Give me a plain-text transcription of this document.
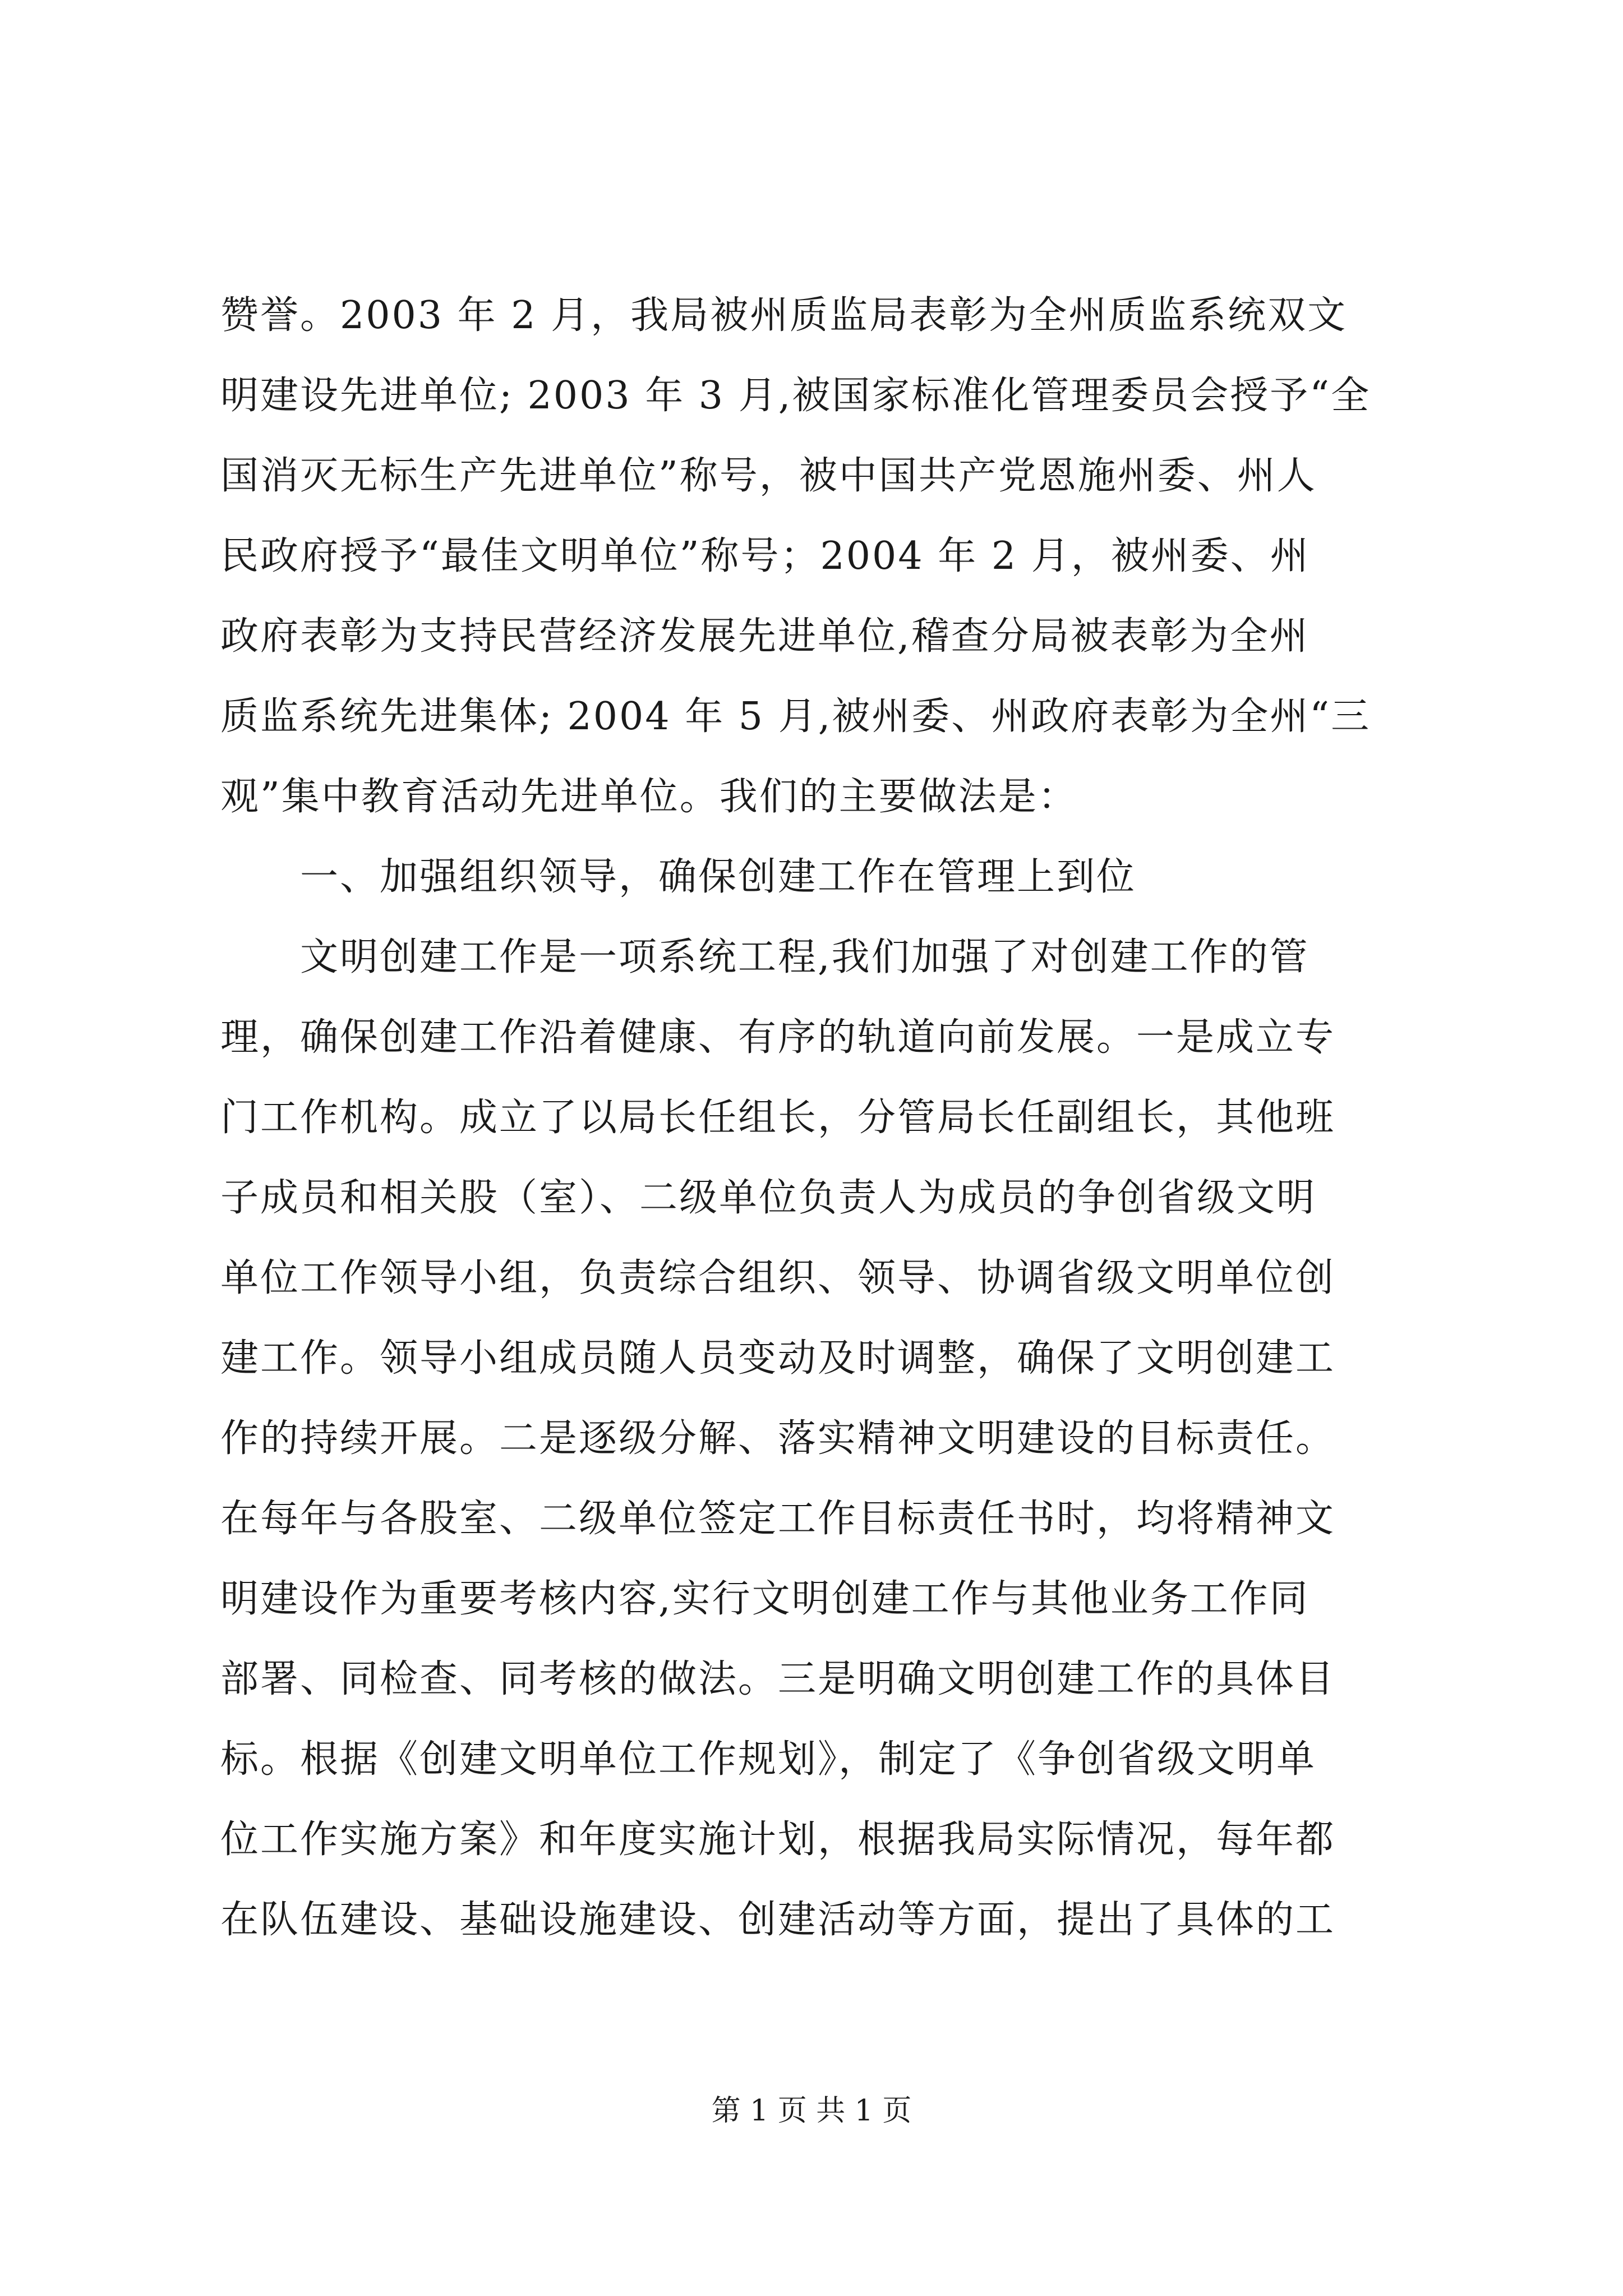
赞誉。2003 年 2 月，我局被州质监局表彰为全州质监系统双文
明建设先进单位; 2003 年 3 月,被国家标准化管理委员会授予“全
国消灭无标生产先进单位”称号，被中国共产党恩施州委、州人
民政府授予“最佳文明单位”称号；2004 年 2 月，被州委、州
政府表彰为支持民营经济发展先进单位,稽查分局被表彰为全州
质监系统先进集体; 2004 年 5 月,被州委、州政府表彰为全州“三
观”集中教育活动先进单位。我们的主要做法是：
　　一、加强组织领导，确保创建工作在管理上到位
　　文明创建工作是一项系统工程,我们加强了对创建工作的管
理，确保创建工作沿着健康、有序的轨道向前发展。一是成立专
门工作机构。成立了以局长任组长，分管局长任副组长，其他班
子成员和相关股（室）、二级单位负责人为成员的争创省级文明
单位工作领导小组，负责综合组织、领导、协调省级文明单位创
建工作。领导小组成员随人员变动及时调整，确保了文明创建工
作的持续开展。二是逐级分解、落实精神文明建设的目标责任。
在每年与各股室、二级单位签定工作目标责任书时，均将精神文
明建设作为重要考核内容,实行文明创建工作与其他业务工作同
部署、同检查、同考核的做法。三是明确文明创建工作的具体目
标。根据《创建文明单位工作规划》，制定了《争创省级文明单
位工作实施方案》和年度实施计划，根据我局实际情况，每年都
在队伍建设、基础设施建设、创建活动等方面，提出了具体的工
第 1 页 共 1 页
